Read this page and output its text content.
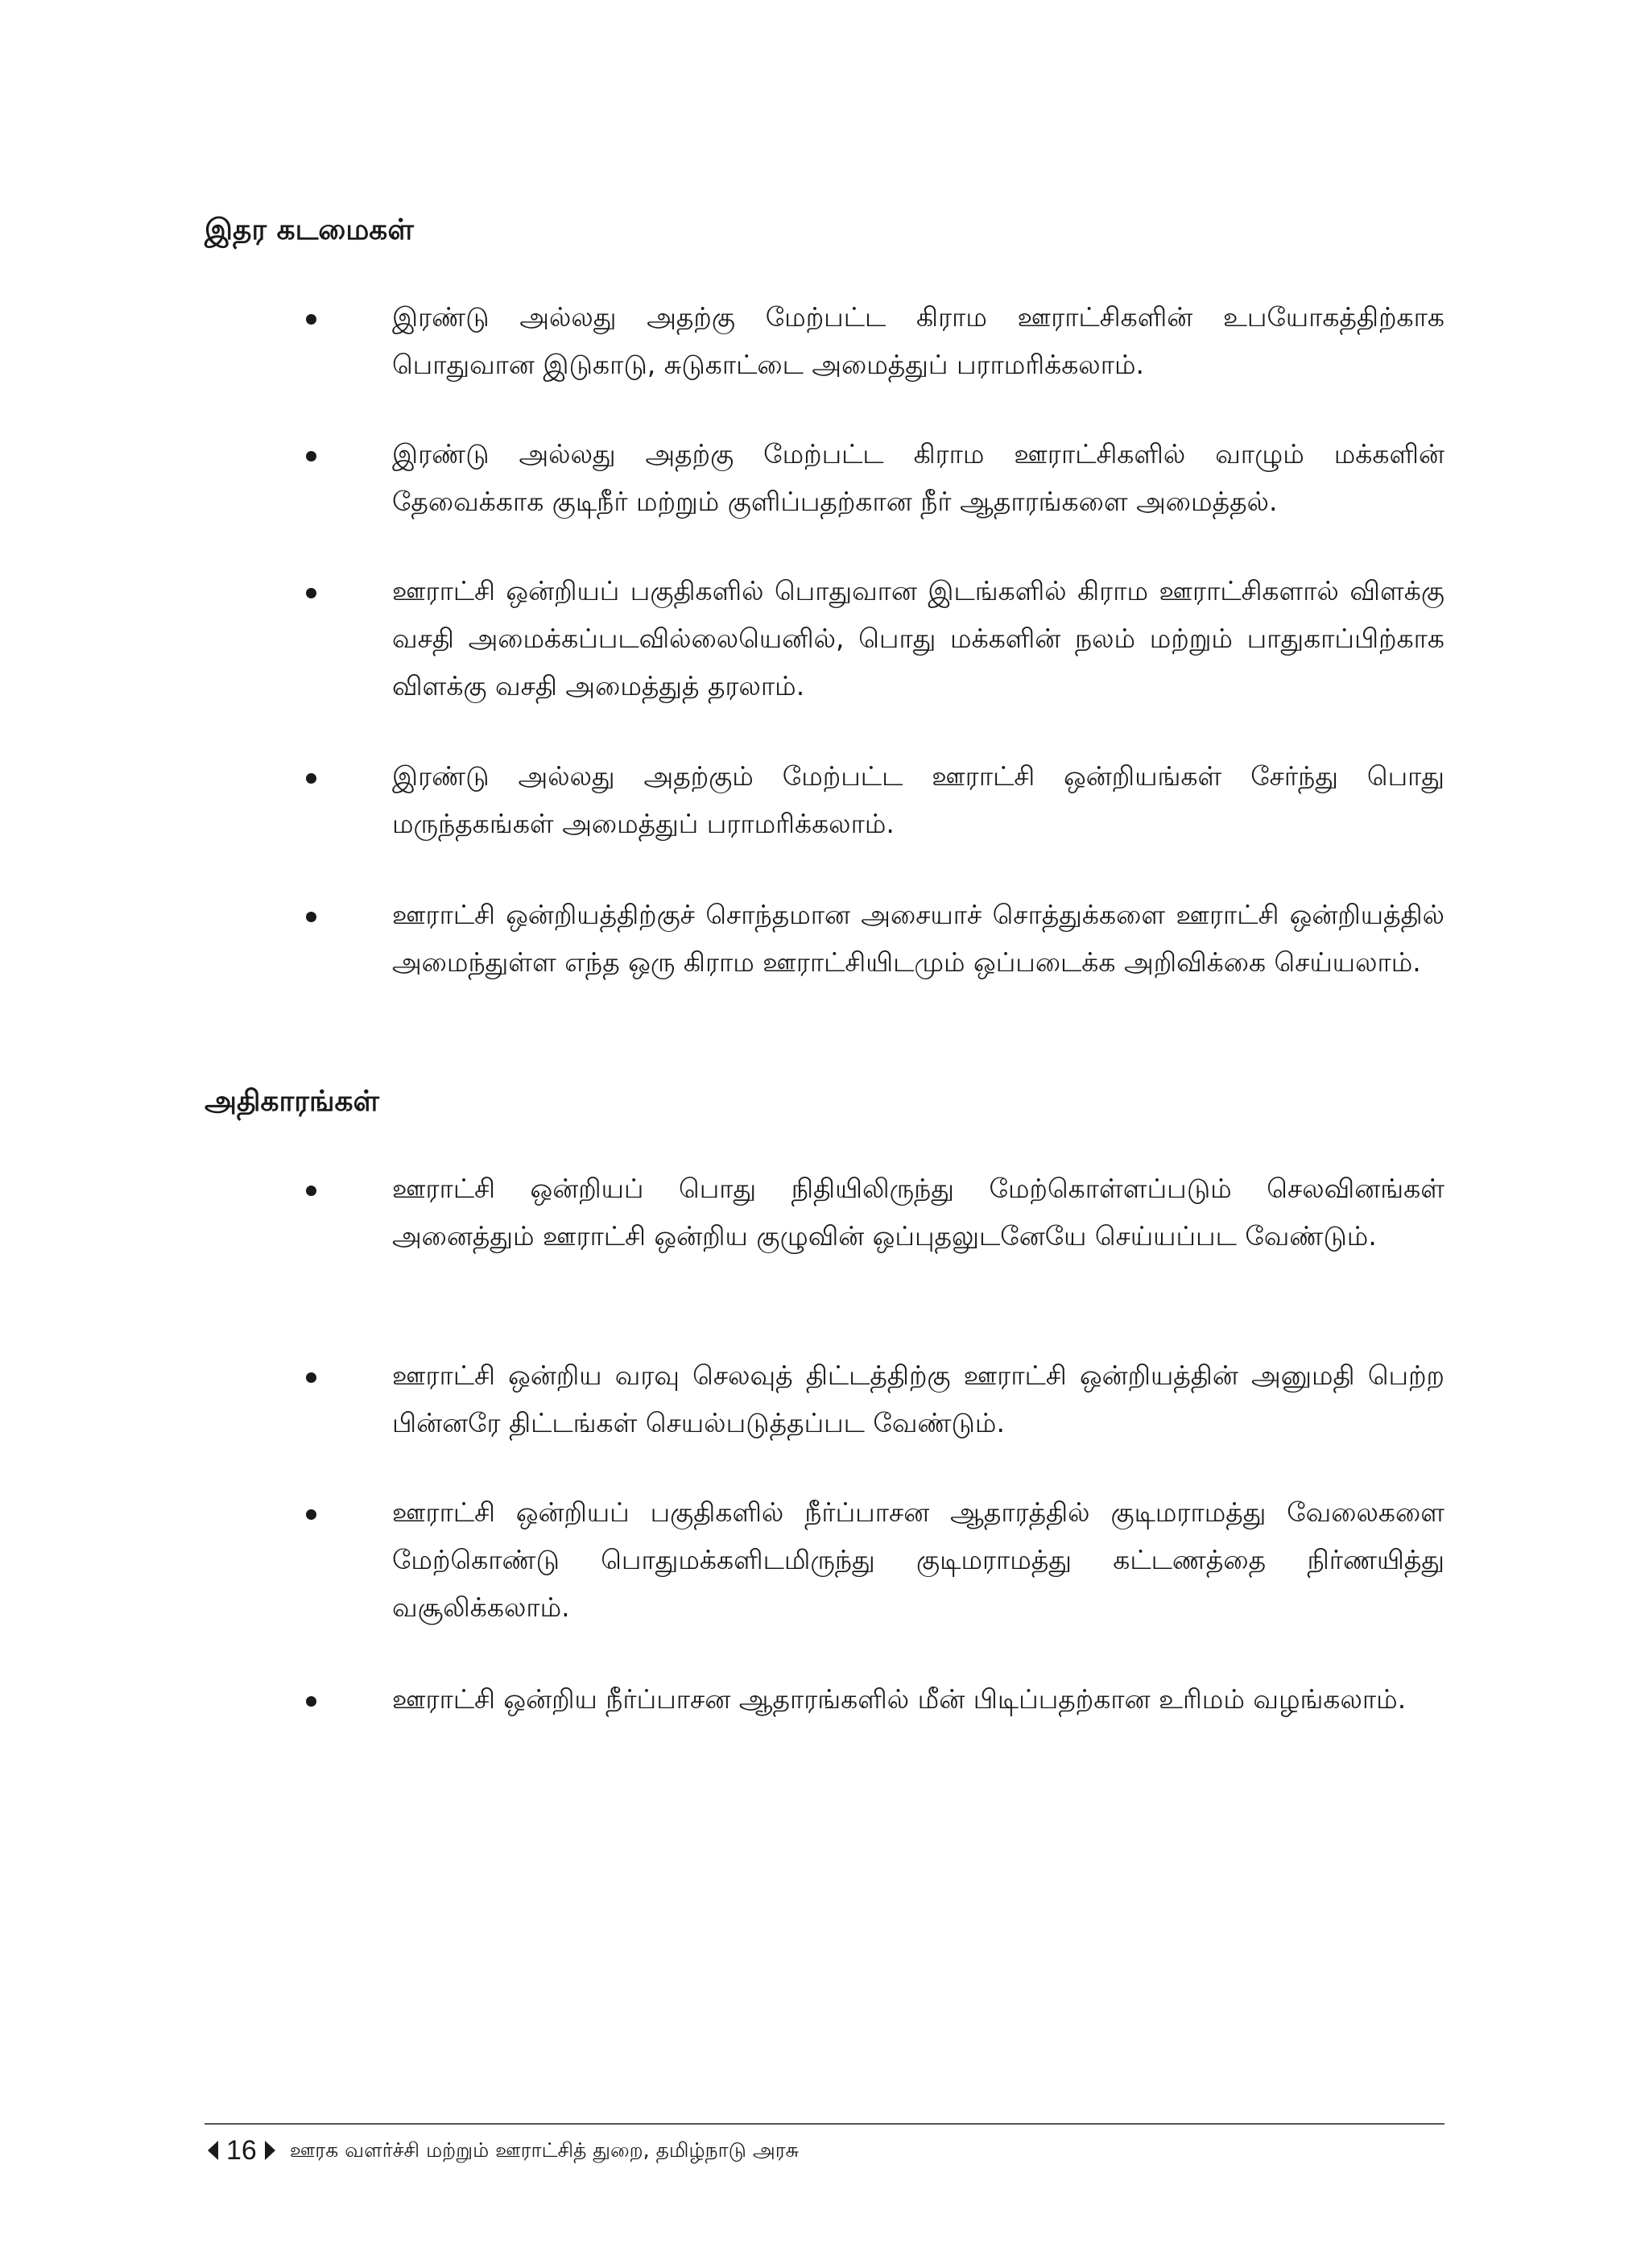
இதர கடமைகள்

இரண்டு அல்லது அதற்கு மேற்பட்ட கிராம ஊராட்சிகளின் உபயோகத்திற்காக பொதுவான இடுகாடு, சுடுகாட்டை அமைத்துப் பராமரிக்கலாம்.

இரண்டு அல்லது அதற்கு மேற்பட்ட கிராம ஊராட்சிகளில் வாழும் மக்களின் தேவைக்காக குடிநீர் மற்றும் குளிப்பதற்கான நீர் ஆதாரங்களை அமைத்தல்.

ஊராட்சி ஒன்றியப் பகுதிகளில் பொதுவான இடங்களில் கிராம ஊராட்சிகளால் விளக்கு வசதி அமைக்கப்படவில்லையெனில், பொது மக்களின் நலம் மற்றும் பாதுகாப்பிற்காக விளக்கு வசதி அமைத்துத் தரலாம்.

இரண்டு அல்லது அதற்கும் மேற்பட்ட ஊராட்சி ஒன்றியங்கள் சேர்ந்து பொது மருந்தகங்கள் அமைத்துப் பராமரிக்கலாம்.

ஊராட்சி ஒன்றியத்திற்குச் சொந்தமான அசையாச் சொத்துக்களை ஊராட்சி ஒன்றியத்தில் அமைந்துள்ள எந்த ஒரு கிராம ஊராட்சியிடமும் ஒப்படைக்க அறிவிக்கை செய்யலாம்.

அதிகாரங்கள்

ஊராட்சி ஒன்றியப் பொது நிதியிலிருந்து மேற்கொள்ளப்படும் செலவினங்கள் அனைத்தும் ஊராட்சி ஒன்றிய குழுவின் ஒப்புதலுடனேயே செய்யப்பட வேண்டும்.

ஊராட்சி ஒன்றிய வரவு செலவுத் திட்டத்திற்கு ஊராட்சி ஒன்றியத்தின் அனுமதி பெற்ற பின்னரே திட்டங்கள் செயல்படுத்தப்பட வேண்டும்.

ஊராட்சி ஒன்றியப் பகுதிகளில் நீர்ப்பாசன ஆதாரத்தில் குடிமராமத்து வேலைகளை மேற்கொண்டு பொதுமக்களிடமிருந்து குடிமராமத்து கட்டணத்தை நிர்ணயித்து வசூலிக்கலாம்.

ஊராட்சி ஒன்றிய நீர்ப்பாசன ஆதாரங்களில் மீன் பிடிப்பதற்கான உரிமம் வழங்கலாம்.

16 ஊரக வளர்ச்சி மற்றும் ஊராட்சித் துறை, தமிழ்நாடு அரசு
